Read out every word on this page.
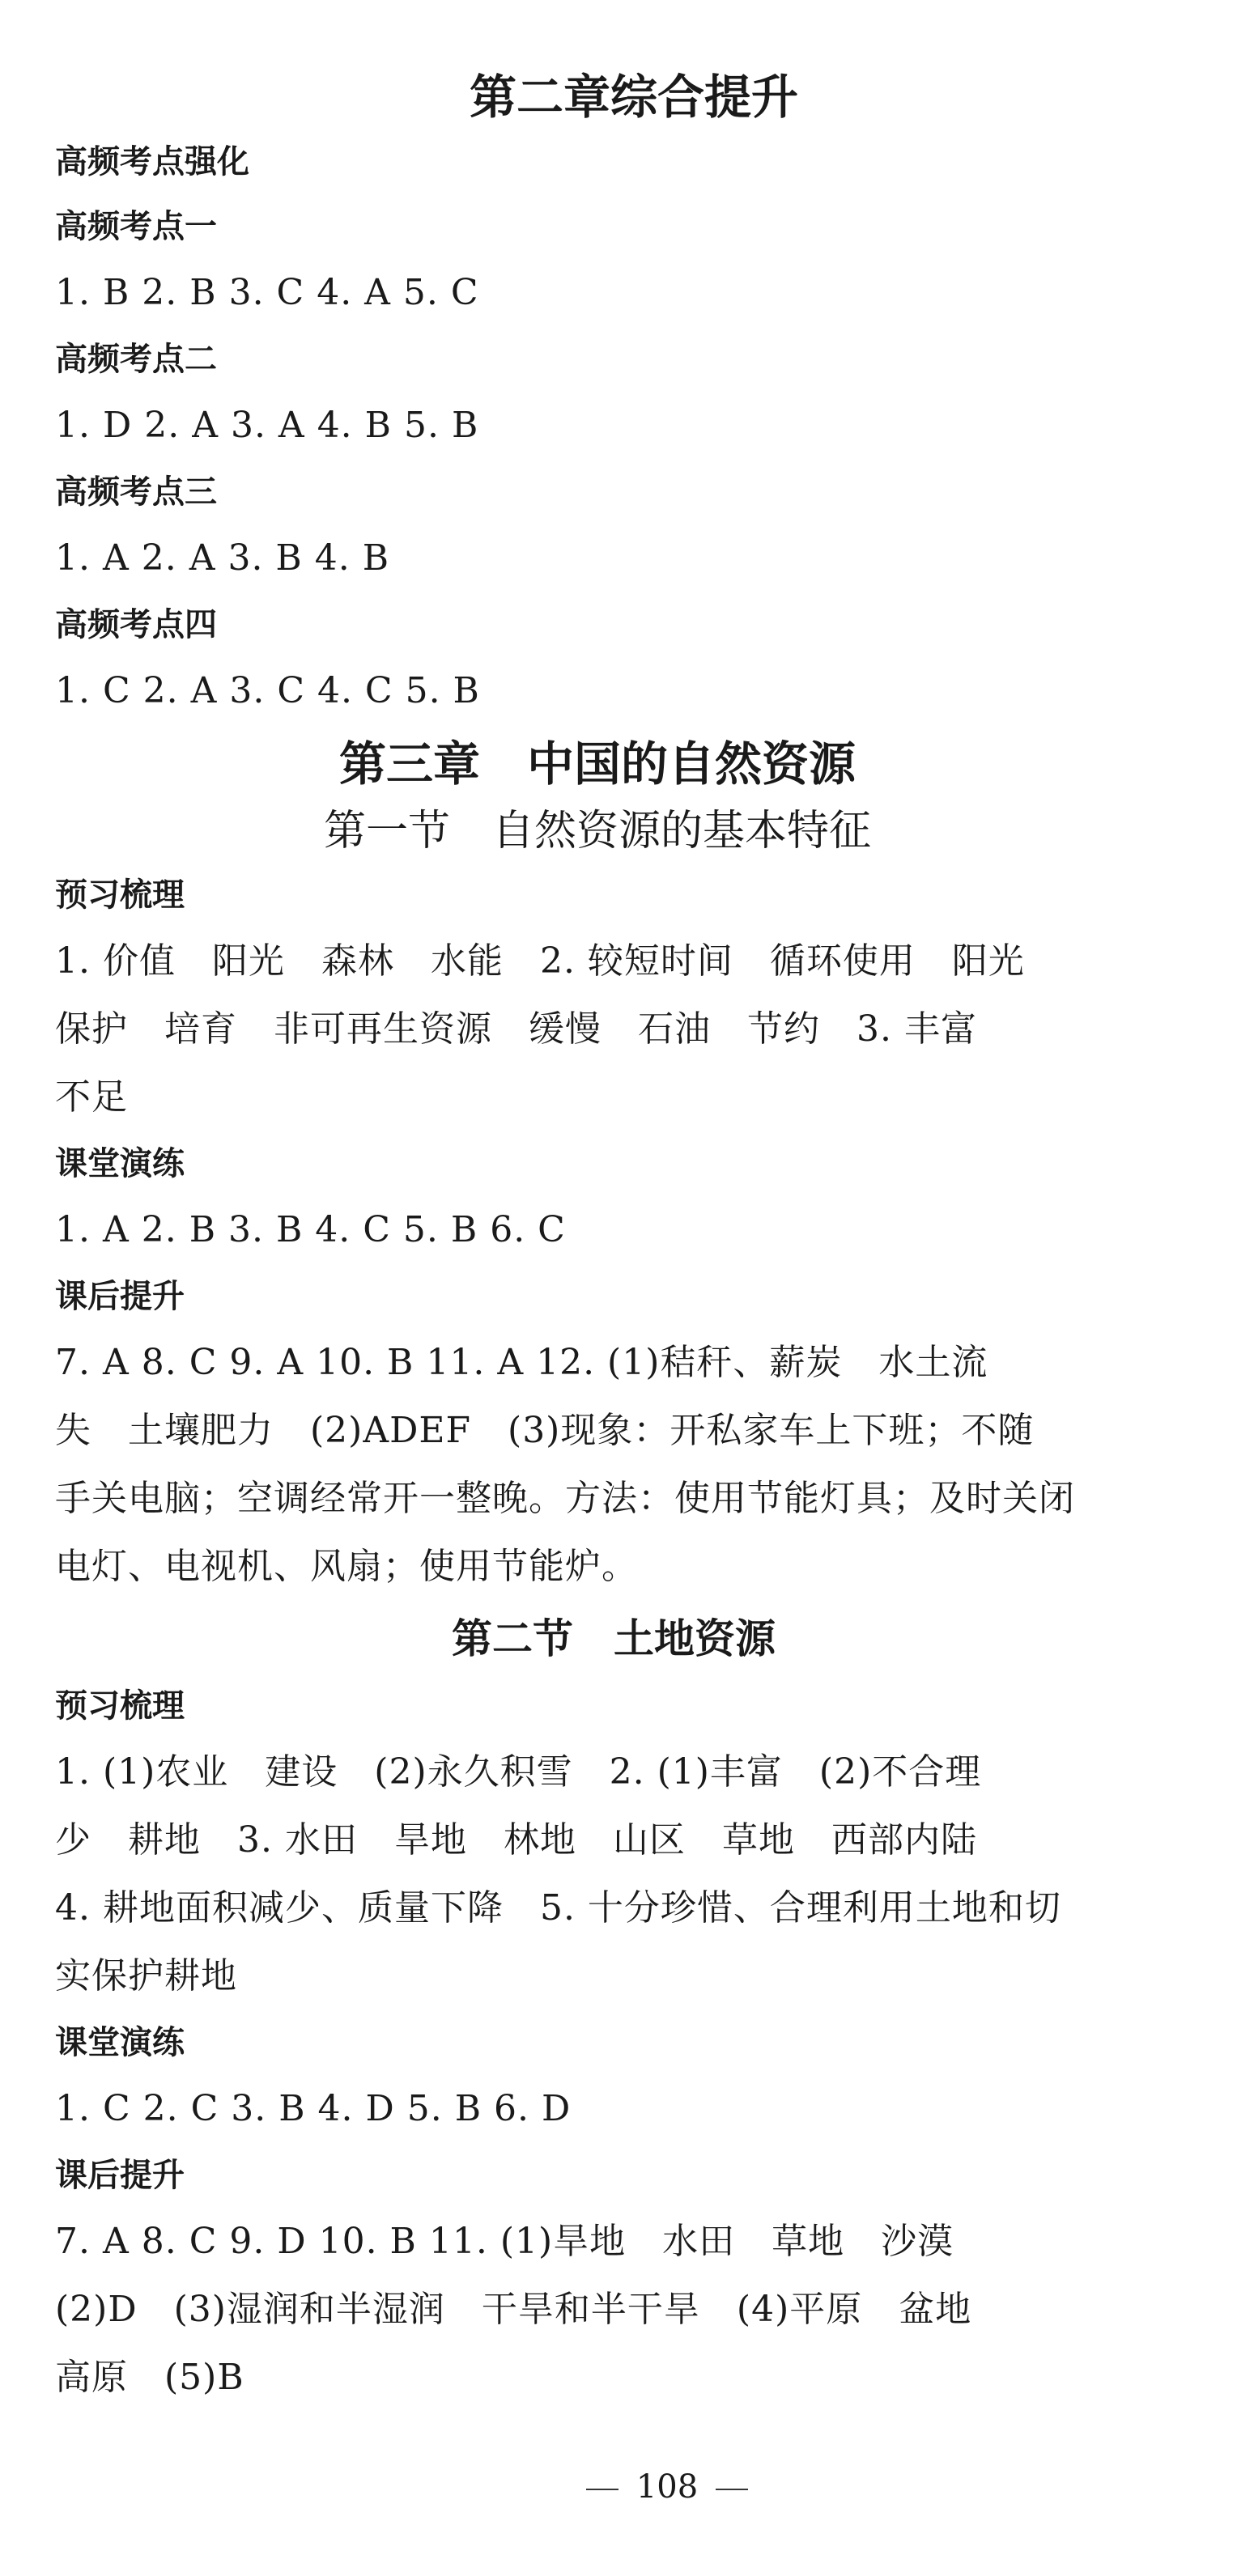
第二章综合提升
高频考点强化
高频考点一
1. B 2. B 3. C 4. A 5. C
高频考点二
1. D 2. A 3. A 4. B 5. B
高频考点三
1. A 2. A 3. B 4. B
高频考点四
1. C 2. A 3. C 4. C 5. B
第三章　中国的自然资源
第一节　自然资源的基本特征
预习梳理
1. 价值　阳光　森林　水能　2. 较短时间　循环使用　阳光
保护　培育　非可再生资源　缓慢　石油　节约　3. 丰富
不足
课堂演练
1. A 2. B 3. B 4. C 5. B 6. C
课后提升
7. A 8. C 9. A 10. B 11. A 12. (1)秸秆、薪炭　水土流
失　土壤肥力　(2)ADEF　(3)现象：开私家车上下班；不随
手关电脑；空调经常开一整晚。方法：使用节能灯具；及时关闭
电灯、电视机、风扇；使用节能炉。
第二节　土地资源
预习梳理
1. (1)农业　建设　(2)永久积雪　2. (1)丰富　(2)不合理
少　耕地　3. 水田　旱地　林地　山区　草地　西部内陆
4. 耕地面积减少、质量下降　5. 十分珍惜、合理利用土地和切
实保护耕地
课堂演练
1. C 2. C 3. B 4. D 5. B 6. D
课后提升
7. A 8. C 9. D 10. B 11. (1)旱地　水田　草地　沙漠
(2)D　(3)湿润和半湿润　干旱和半干旱　(4)平原　盆地
高原　(5)B
108
